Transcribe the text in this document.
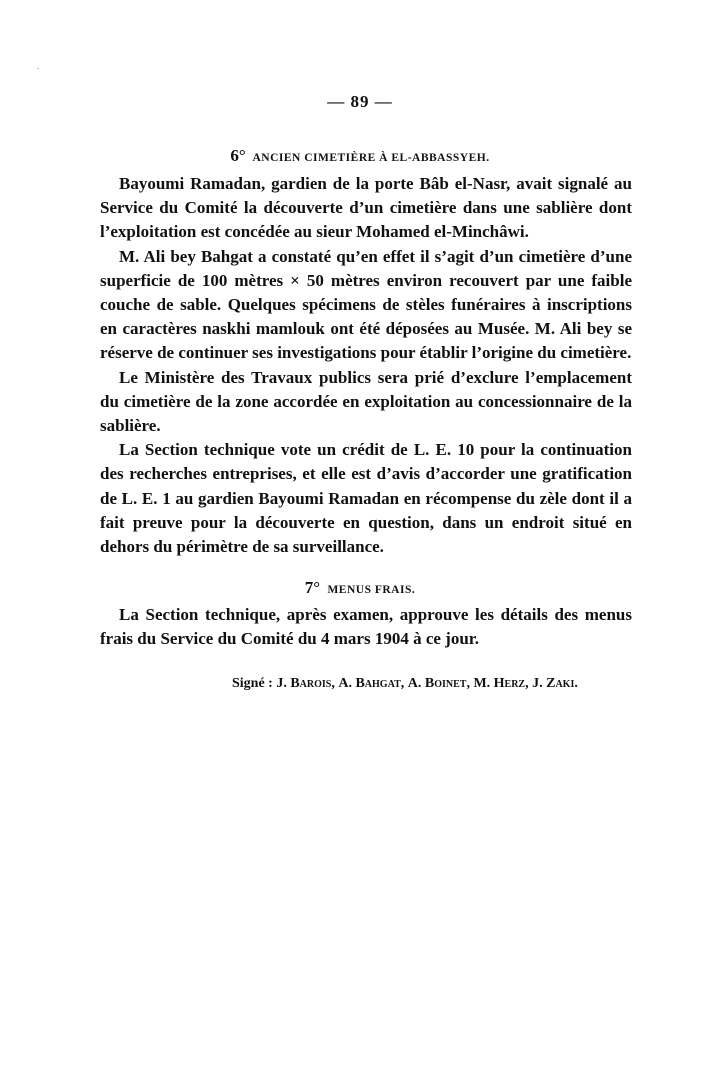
— 89 —
6° ANCIEN CIMETIÈRE À EL-ABBASSYEH.

Bayoumi Ramadan, gardien de la porte Bâb el-Nasr, avait signalé au Service du Comité la découverte d’un cimetière dans une sablière dont l’exploitation est concédée au sieur Mohamed el-Minchâwi.

M. Ali bey Bahgat a constaté qu’en effet il s’agit d’un cimetière d’une superficie de 100 mètres × 50 mètres environ recouvert par une faible couche de sable. Quelques spécimens de stèles funéraires à inscriptions en caractères naskhi mamlouk ont été déposées au Musée. M. Ali bey se réserve de continuer ses investigations pour établir l’origine du cimetière.

Le Ministère des Travaux publics sera prié d’exclure l’emplacement du cimetière de la zone accordée en exploitation au concessionnaire de la sablière.

La Section technique vote un crédit de L. E. 10 pour la continuation des recherches entreprises, et elle est d’avis d’accorder une gratification de L. E. 1 au gardien Bayoumi Ramadan en récompense du zèle dont il a fait preuve pour la découverte en question, dans un endroit situé en dehors du périmètre de sa surveillance.

7° MENUS FRAIS.

La Section technique, après examen, approuve les détails des menus frais du Service du Comité du 4 mars 1904 à ce jour.

Signé : J. Barois, A. Bahgat, A. Boinet, M. Herz, J. Zaki.
